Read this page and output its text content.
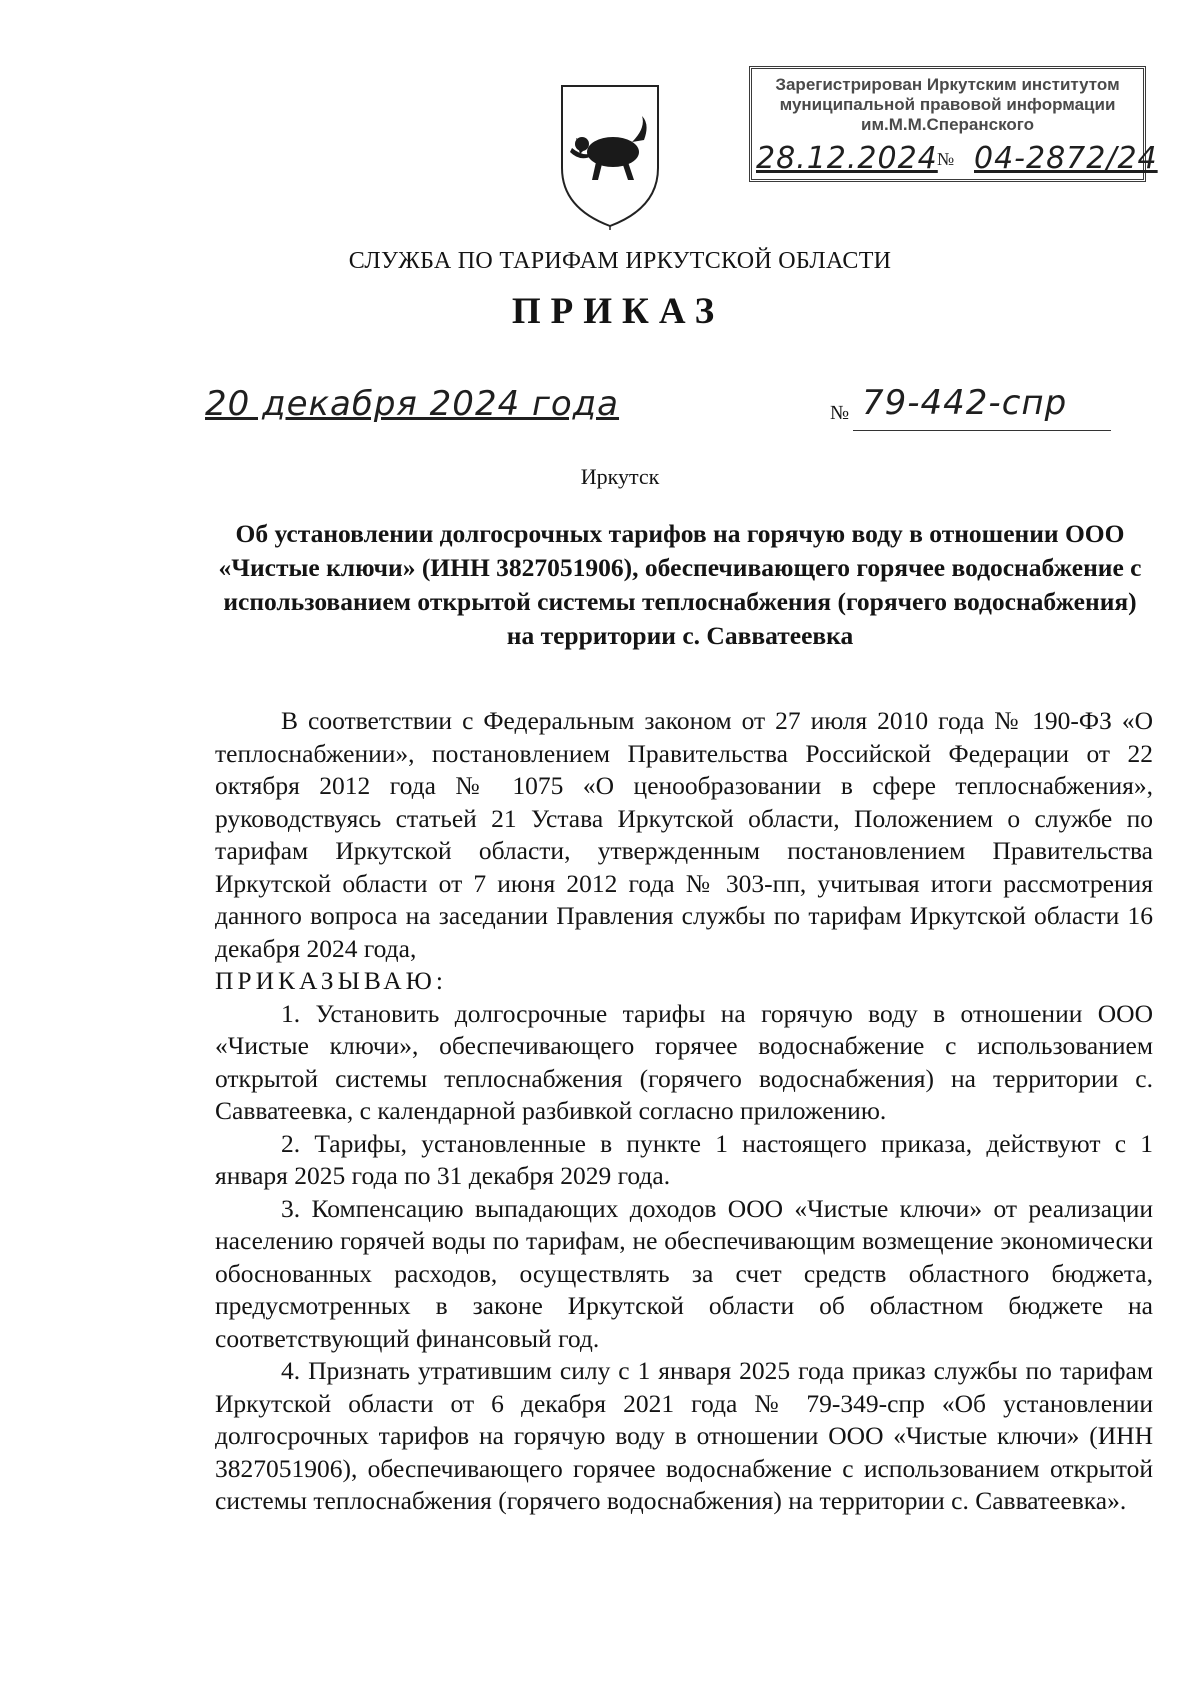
Зарегистрирован Иркутским институтом
муниципальной правовой информации
им.М.М.Сперанского
28.12.2024 № 04-2872/24
СЛУЖБА ПО ТАРИФАМ ИРКУТСКОЙ ОБЛАСТИ
ПРИКАЗ
20 декабря 2024 года	№ 79-442-спр
Иркутск

Об установлении долгосрочных тарифов на горячую воду в отношении ООО «Чистые ключи» (ИНН 3827051906), обеспечивающего горячее водоснабжение с использованием открытой системы теплоснабжения (горячего водоснабжения) на территории с. Савватеевка

В соответствии с Федеральным законом от 27 июля 2010 года № 190-ФЗ «О теплоснабжении», постановлением Правительства Российской Федерации от 22 октября 2012 года № 1075 «О ценообразовании в сфере теплоснабжения», руководствуясь статьей 21 Устава Иркутской области, Положением о службе по тарифам Иркутской области, утвержденным постановлением Правительства Иркутской области от 7 июня 2012 года № 303-пп, учитывая итоги рассмотрения данного вопроса на заседании Правления службы по тарифам Иркутской области 16 декабря 2024 года,

ПРИКАЗЫВАЮ:

1. Установить долгосрочные тарифы на горячую воду в отношении ООО «Чистые ключи», обеспечивающего горячее водоснабжение с использованием открытой системы теплоснабжения (горячего водоснабжения) на территории с. Савватеевка, с календарной разбивкой согласно приложению.

2. Тарифы, установленные в пункте 1 настоящего приказа, действуют с 1 января 2025 года по 31 декабря 2029 года.

3. Компенсацию выпадающих доходов ООО «Чистые ключи» от реализации населению горячей воды по тарифам, не обеспечивающим возмещение экономически обоснованных расходов, осуществлять за счет средств областного бюджета, предусмотренных в законе Иркутской области об областном бюджете на соответствующий финансовый год.

4. Признать утратившим силу с 1 января 2025 года приказ службы по тарифам Иркутской области от 6 декабря 2021 года № 79-349-спр «Об установлении долгосрочных тарифов на горячую воду в отношении ООО «Чистые ключи» (ИНН 3827051906), обеспечивающего горячее водоснабжение с использованием открытой системы теплоснабжения (горячего водоснабжения) на территории с. Савватеевка».
